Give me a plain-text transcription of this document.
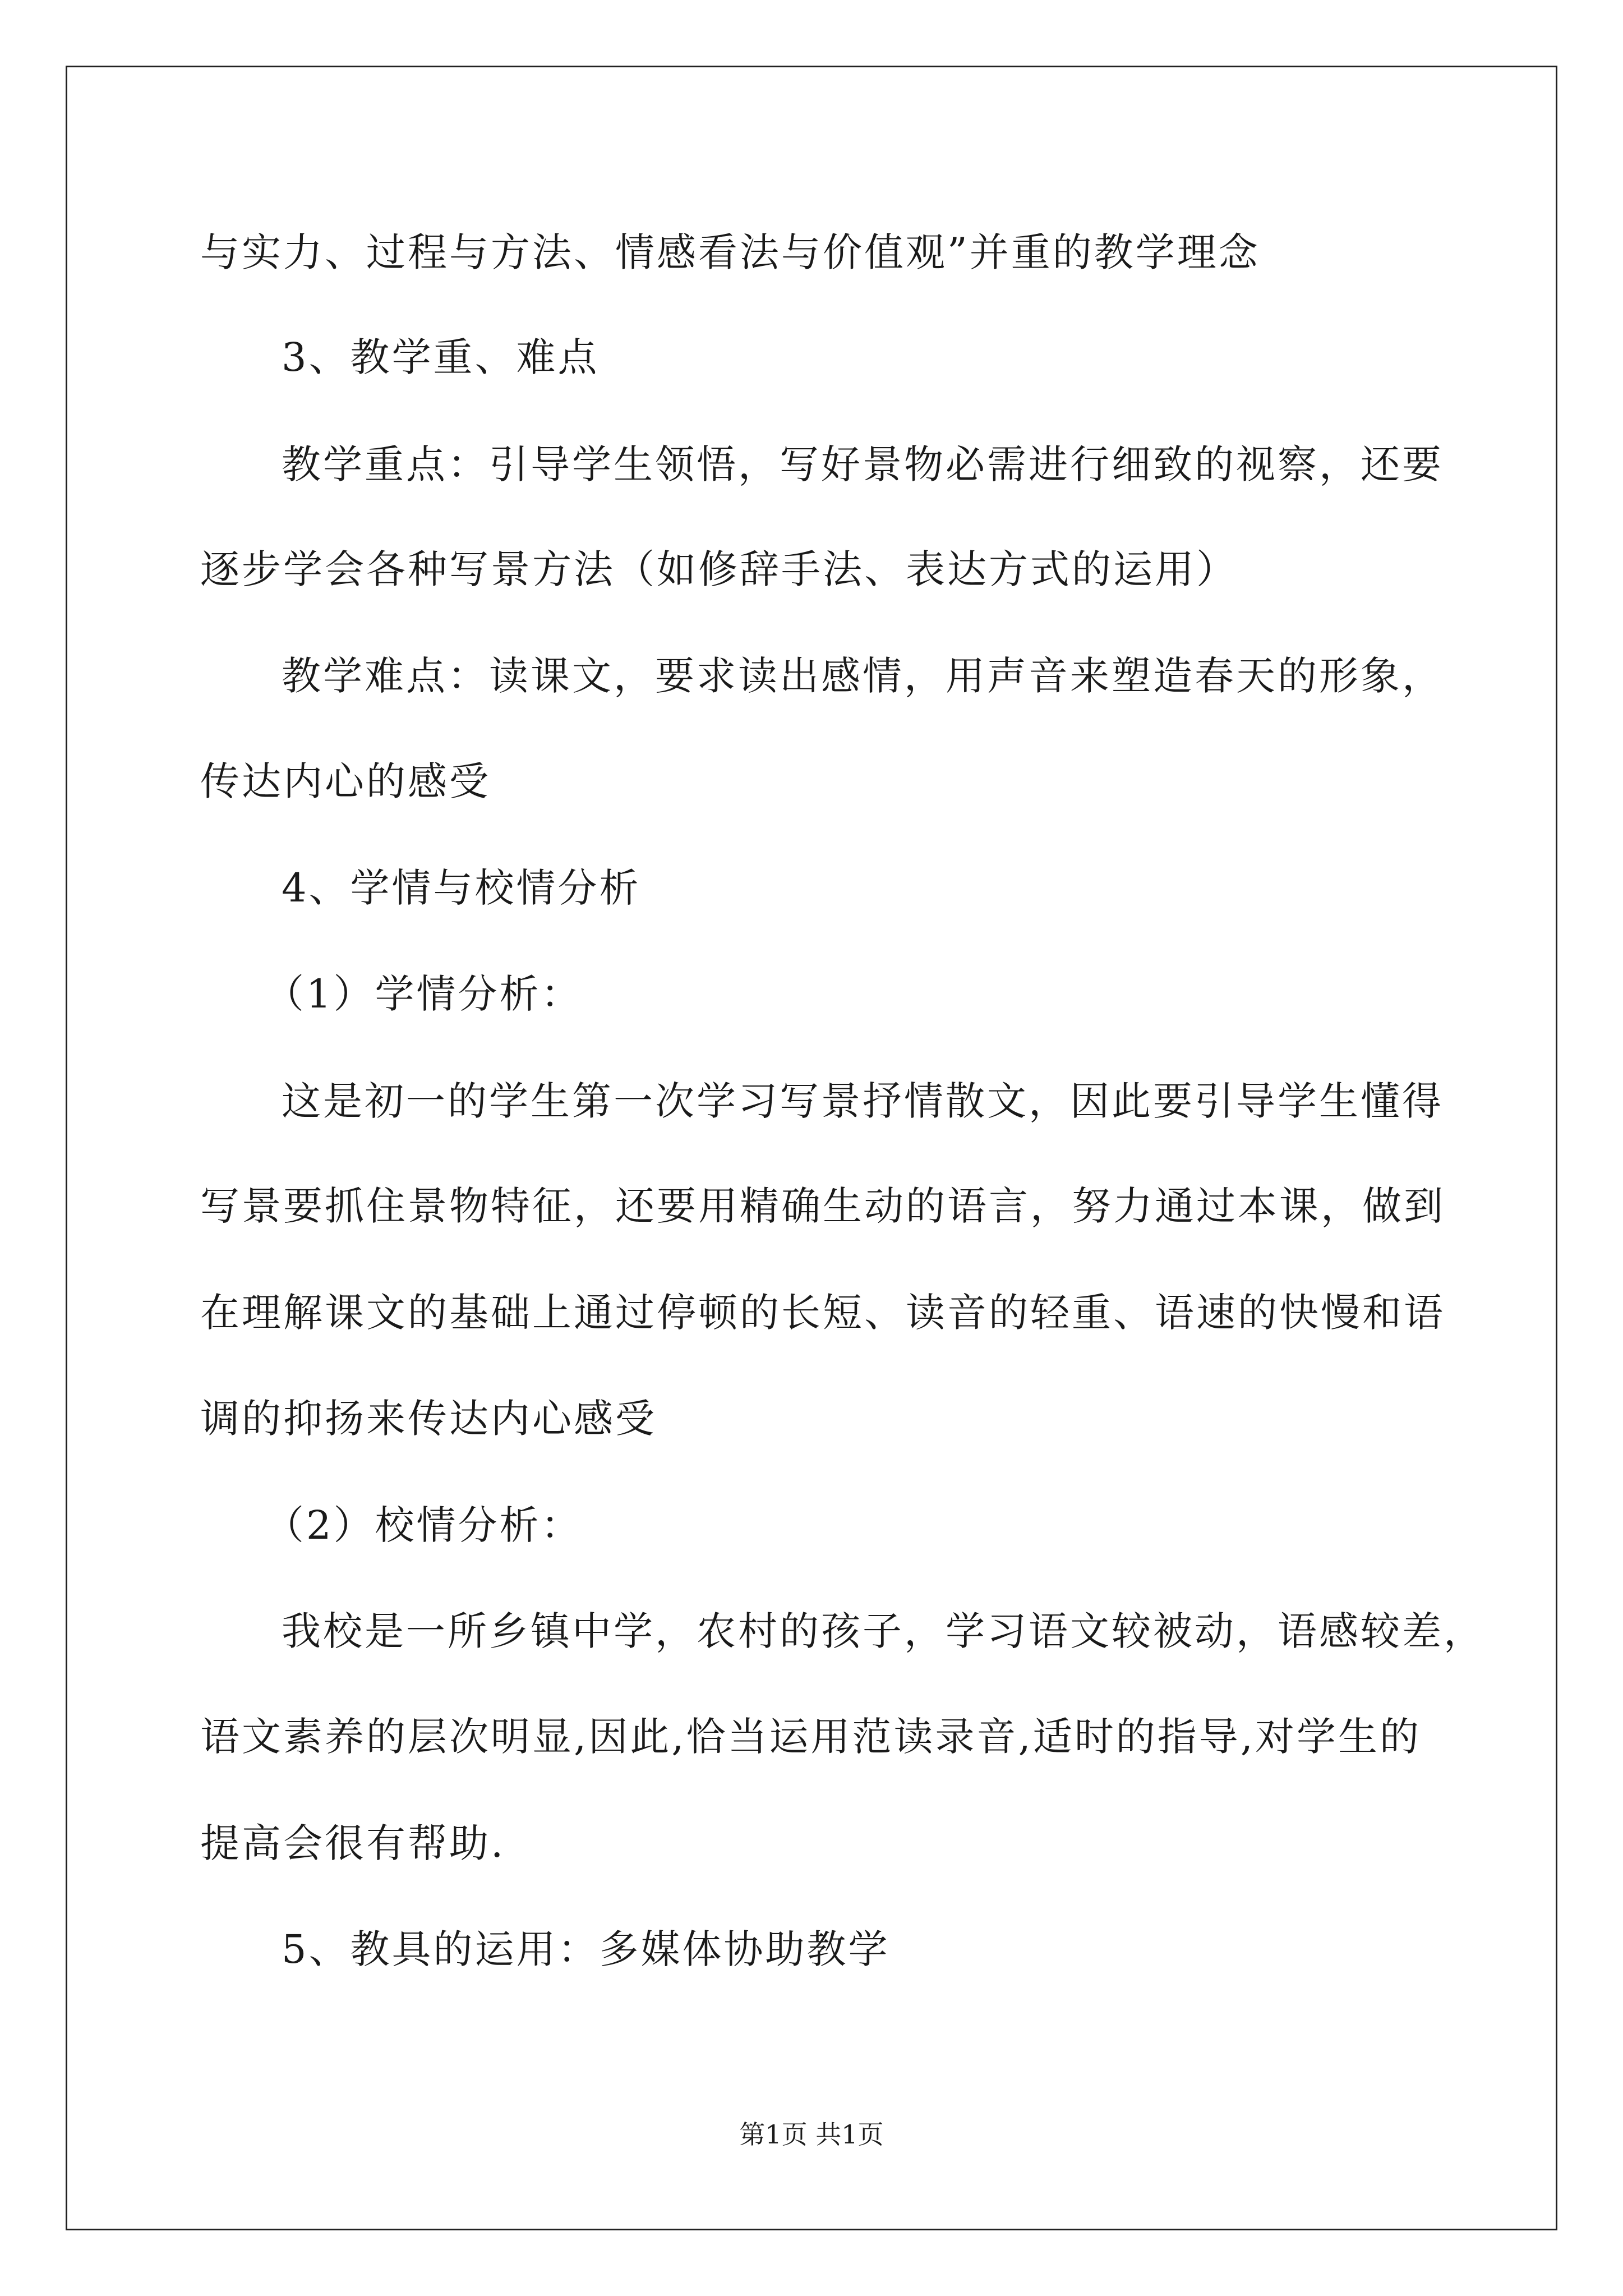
与实力、过程与方法、情感看法与价值观”并重的教学理念
3、教学重、难点
教学重点：引导学生领悟，写好景物必需进行细致的视察，还要
逐步学会各种写景方法（如修辞手法、表达方式的运用）
教学难点：读课文，要求读出感情，用声音来塑造春天的形象，
传达内心的感受
4、学情与校情分析
（1）学情分析：
这是初一的学生第一次学习写景抒情散文，因此要引导学生懂得
写景要抓住景物特征，还要用精确生动的语言，努力通过本课，做到
在理解课文的基础上通过停顿的长短、读音的轻重、语速的快慢和语
调的抑扬来传达内心感受
（2）校情分析：
我校是一所乡镇中学，农村的孩子，学习语文较被动，语感较差，
语文素养的层次明显,因此,恰当运用范读录音,适时的指导,对学生的
提高会很有帮助.
5、教具的运用：多媒体协助教学
第1页 共1页
